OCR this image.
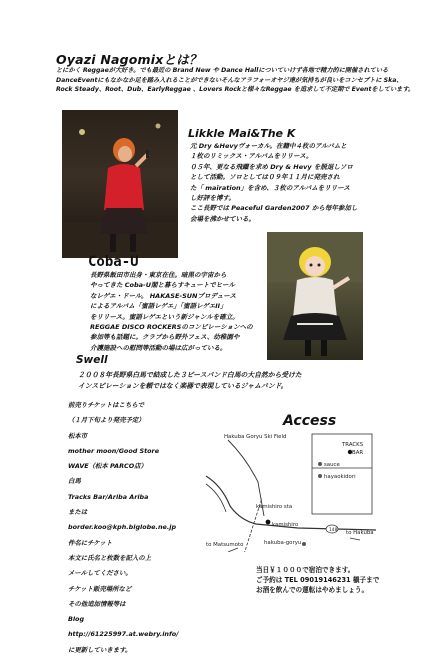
Oyazi Nagomixとは？
とにかく Reggaeが大好き。でも最近の Brand New や Dance Hallについていけず各地で精力的に開催されている DanceEventにもなかなか足を踏み入れることができないそんなアラフォーオヤジ達が気持ちが良いをコンセプトに Ska、Rock Steady、Root、Dub、EarlyReggae 、Lovers Rockと様々なReggae を追求して不定期で Eventをしています。
Likkle Mai&The K
元 Dry &Hevyヴォーカル。在籍中４枚のアルバムと
１枚のリミックス・アルバムをリリース。
０５年、更なる飛躍を求め Dry & Hevy を脱退しソロ
として活動。ソロとしては０９年１１月に発売され
た「 mairation」を含め、３枚のアルバムをリリース
し好評を博す。
ここ長野では Peaceful Garden2007 から毎年参加し
会場を沸かせている。
Coba-U
長野県飯田市出身・東京在住。暗黒の宇宙から
やってきた Coba-U閣と暮らすキュートでヒール
なレゲエ・ドール。 HAKASE-SUNプロデュース
によるアルバム「蜜語レゲエ」「蜜語レゲエII」
をリリース。蜜語レゲエという新ジャンルを確立。
REGGAE DISCO ROCKERSのコンピレーションへの
参加等も話題に。クラブから野外フェス、幼稚園や
介護施設への慰問等活動の場は広がっている。
Swell
２００８年長野県白馬で結成した３ピースバンド白馬の大自然から受けた
インスピレーションを頼ではなく楽器で表現しているジャムバンド。
前売りチケットはこちらで
（１月下旬より発売予定）
松本市
mother moon/Good Store
WAVE（松本 PARCO店）
白馬
Tracks Bar/Ariba Ariba
または
border.koo@kph.biglobe.ne.jp
件名にチケット
本文に氏名と枚数を記入の上
メールしてください。
チケット販売場所など
その他追加情報等は
Blog
http://61225997.at.webry.info/
に更新していきます。
Access
Hakuba Goryu Ski Field
TRACKS
BAR
sauce
hayaokidori
kamishiro sta
kamishiro
148 to Hakuba
to Matsumoto	hakuba-goryu
当日￥１０００で宿泊できます。
ご予約は TEL 09019146231 槇子まで
お酒を飲んでの運転はやめましょう。
